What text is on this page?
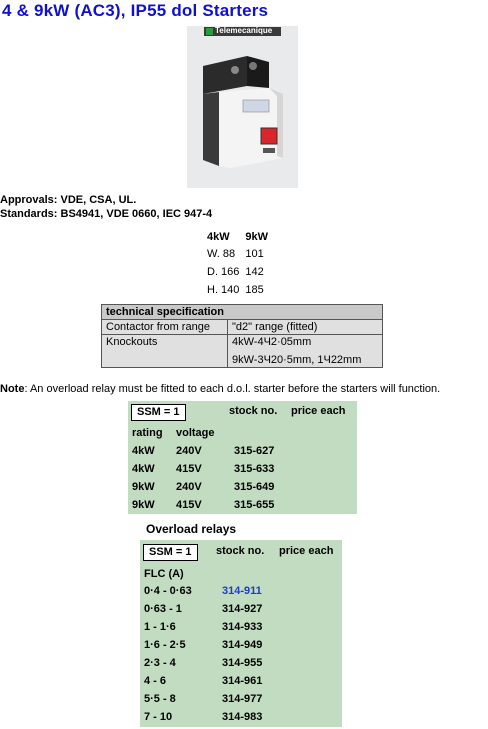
4 & 9kW (AC3), IP55 dol Starters
Telemecanique
Approvals: VDE, CSA, UL.
Standards: BS4941, VDE 0660, IEC 947-4
4kW	9kW
W. 88	101
D. 166	142
H. 140	185
technical specification	
Contactor from range	"d2" range (fitted)
Knockouts	4kW-4Ч2·05mm
9kW-3Ч20·5mm, 1Ч22mm
Note: An overload relay must be fitted to each d.o.l. starter before the starters will function.
SSM = 1	stock no. price each
rating voltage
4kW 240V	315-627
4kW 415V	315-633
9kW 240V	315-649
9kW 415V	315-655
Overload relays
SSM = 1	stock no. price each
FLC (A)
0·4 - 0·63	314-911
0·63 - 1	314-927
1 - 1·6	314-933
1·6 - 2·5	314-949
2·3 - 4	314-955
4 - 6	314-961
5·5 - 8	314-977
7 - 10	314-983
